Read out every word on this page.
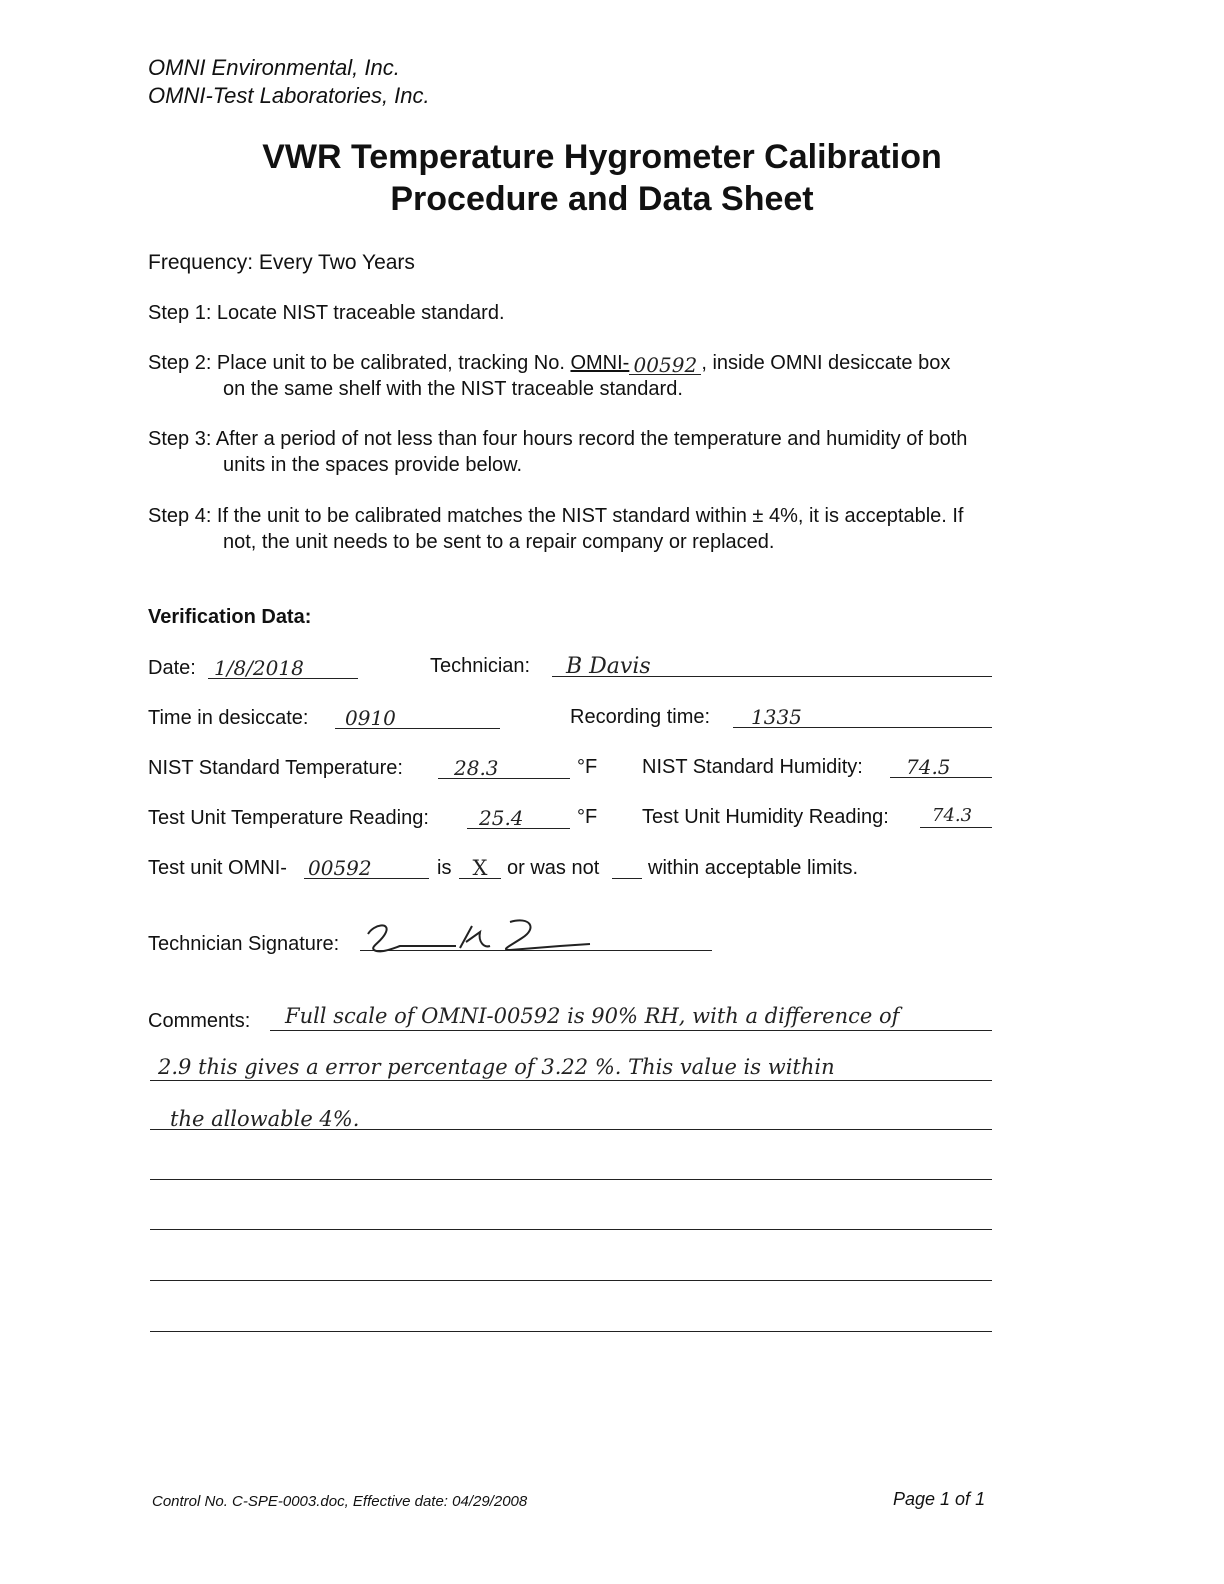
OMNI Environmental, Inc.
OMNI-Test Laboratories, Inc.
VWR Temperature Hygrometer Calibration
Procedure and Data Sheet
Frequency: Every Two Years
Step 1: Locate NIST traceable standard.
Step 2: Place unit to be calibrated, tracking No. OMNI- 00592 , inside OMNI desiccate box
on the same shelf with the NIST traceable standard.
Step 3: After a period of not less than four hours record the temperature and humidity of both
units in the spaces provide below.
Step 4: If the unit to be calibrated matches the NIST standard within ± 4%, it is acceptable. If
not, the unit needs to be sent to a repair company or replaced.
Verification Data:
Date: 1/8/2018	Technician:	B Davis
Time in desiccate:	0910	Recording time:	1335
NIST Standard Temperature:	28.3	°F NIST Standard Humidity:	74.5
Test Unit Temperature Reading:	25.4	°F Test Unit Humidity Reading:	74.3
Test unit OMNI- 00592	is	X or was not within acceptable limits.
Technician Signature:
Comments: Full scale of OMNI-00592 is 90% RH, with a difference of
2.9 this gives a error percentage of 3.22 %. This value is within
the allowable 4%.
Control No. C-SPE-0003.doc, Effective date: 04/29/2008	Page 1 of 1
